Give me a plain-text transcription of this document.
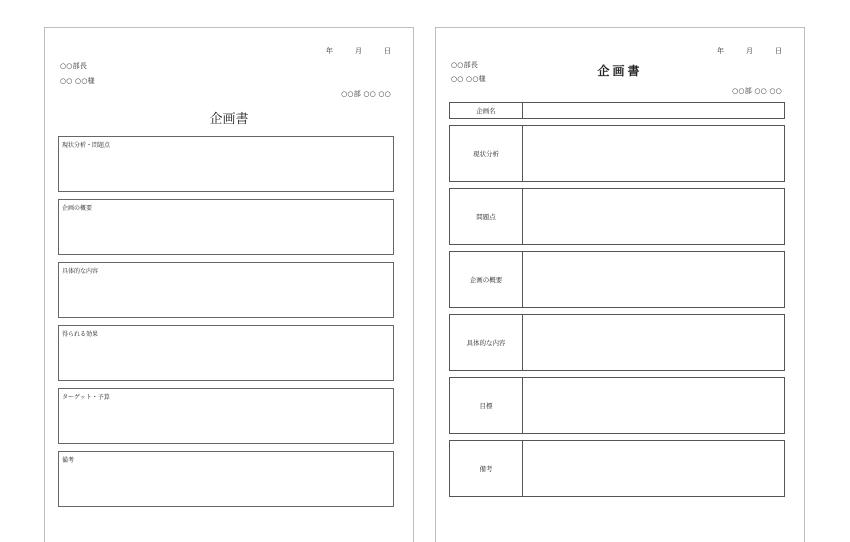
年	月	日
○○部長
○○ ○○様
○○部 ○○ ○○
企画書
現状分析・問題点
企画の概要
具体的な内容
得られる効果
ターゲット・予算
備考
年	月	日
○○部長
○○ ○○様
企画書
○○部 ○○ ○○
企画名
現状分析
問題点
企画の概要
具体的な内容
目標
備考
